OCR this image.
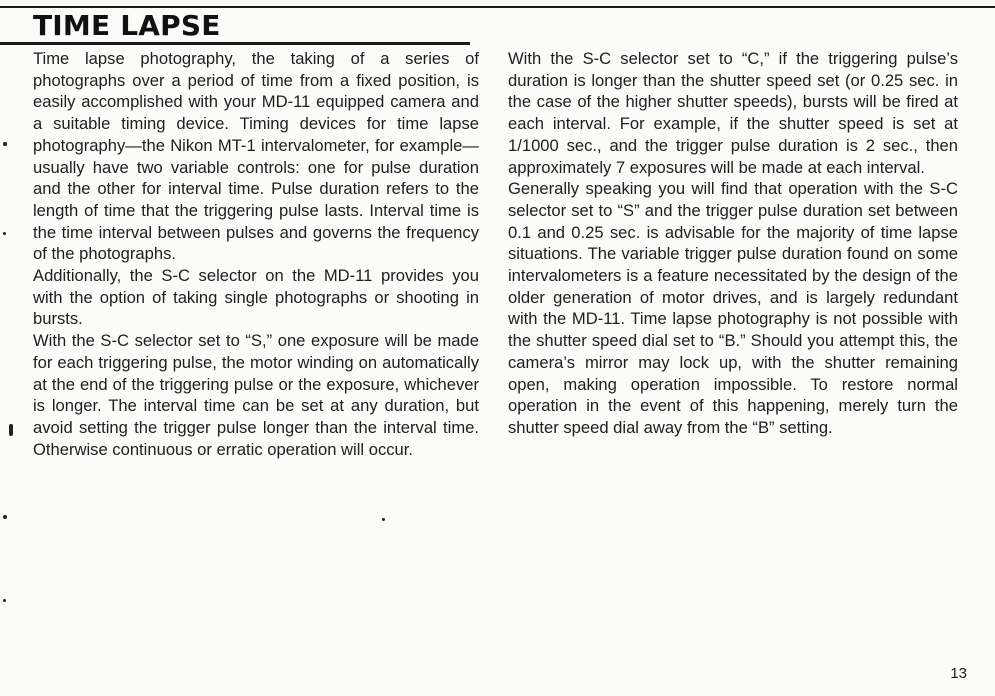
TIME LAPSE

Time lapse photography, the taking of a series of photographs over a period of time from a fixed position, is easily accomplished with your MD-11 equipped camera and a suitable timing device. Timing devices for time lapse photography—the Nikon MT-1 intervalometer, for example—usually have two variable controls: one for pulse duration and the other for interval time. Pulse duration refers to the length of time that the triggering pulse lasts. Interval time is the time interval between pulses and governs the frequency of the photographs.

Additionally, the S-C selector on the MD-11 provides you with the option of taking single photographs or shooting in bursts.

With the S-C selector set to “S,” one exposure will be made for each triggering pulse, the motor winding on automatically at the end of the triggering pulse or the exposure, whichever is longer. The interval time can be set at any duration, but avoid setting the trigger pulse longer than the interval time. Otherwise continuous or erratic operation will occur.

With the S-C selector set to “C,” if the triggering pulse’s duration is longer than the shutter speed set (or 0.25 sec. in the case of the higher shutter speeds), bursts will be fired at each interval. For example, if the shutter speed is set at 1/1000 sec., and the trigger pulse duration is 2 sec., then approximately 7 exposures will be made at each interval.

Generally speaking you will find that operation with the S-C selector set to “S” and the trigger pulse duration set between 0.1 and 0.25 sec. is advisable for the majority of time lapse situations. The variable trigger pulse duration found on some intervalometers is a feature necessitated by the design of the older generation of motor drives, and is largely redundant with the MD-11. Time lapse photography is not possible with the shutter speed dial set to “B.” Should you attempt this, the camera’s mirror may lock up, with the shutter remaining open, making operation impossible. To restore normal operation in the event of this happening, merely turn the shutter speed dial away from the “B” setting.

13
